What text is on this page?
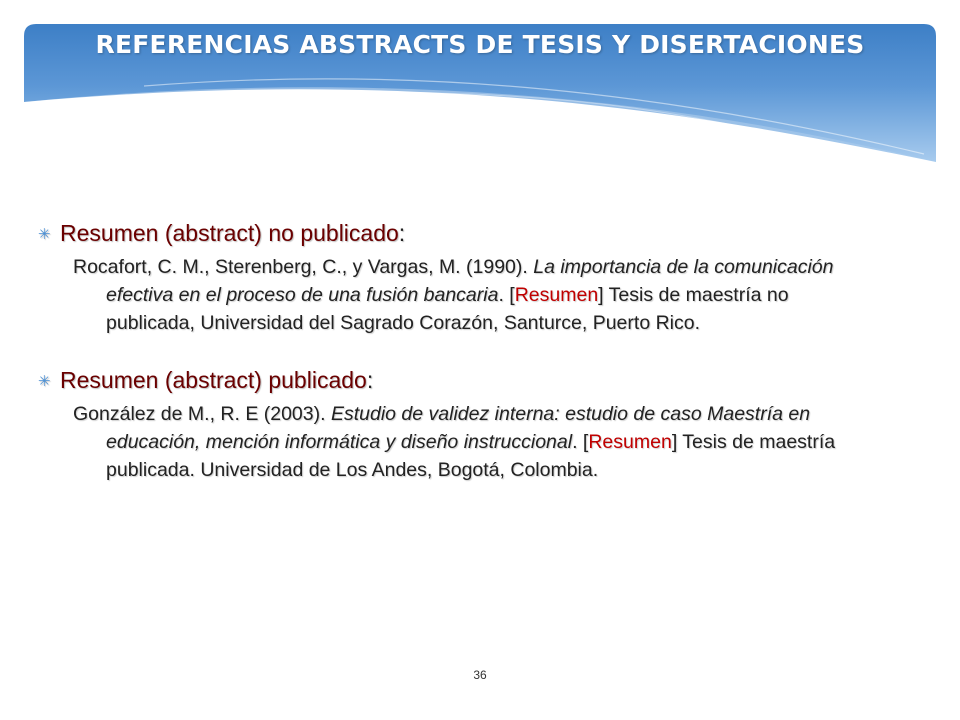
REFERENCIAS ABSTRACTS DE TESIS Y DISERTACIONES
✳ Resumen (abstract) no publicado :
Rocafort, C. M., Sterenberg, C., y Vargas, M. (1990). La importancia de la comunicación efectiva en el proceso de una fusión bancaria. [Resumen] Tesis de maestría no publicada, Universidad del Sagrado Corazón, Santurce, Puerto Rico.
✳ Resumen (abstract) publicado :
González de M., R. E (2003). Estudio de validez interna: estudio de caso Maestría en educación, mención informática y diseño instruccional. [Resumen] Tesis de maestría publicada. Universidad de Los Andes, Bogotá, Colombia.
36
